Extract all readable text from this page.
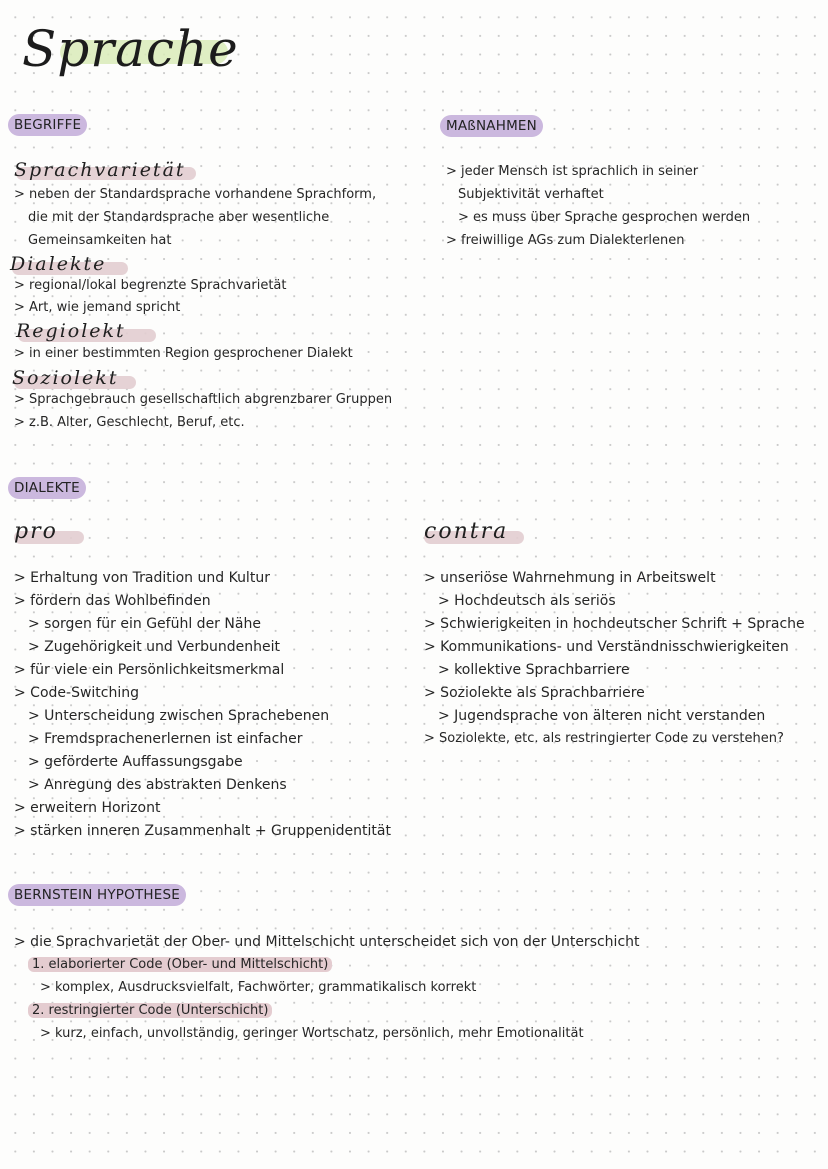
Sprache
BEGRIFFE
Sprachvarietät
> neben der Standardsprache vorhandene Sprachform,
die mit der Standardsprache aber wesentliche
Gemeinsamkeiten hat
Dialekte
> regional/lokal begrenzte Sprachvarietät
> Art, wie jemand spricht
Regiolekt
> in einer bestimmten Region gesprochener Dialekt
Soziolekt
> Sprachgebrauch gesellschaftlich abgrenzbarer Gruppen
> z.B. Alter, Geschlecht, Beruf, etc.
MAßNAHMEN
> jeder Mensch ist sprachlich in seiner
Subjektivität verhaftet
> es muss über Sprache gesprochen werden
> freiwillige AGs zum Dialekterlenen
DIALEKTE
pro
> Erhaltung von Tradition und Kultur
> fördern das Wohlbefinden
> sorgen für ein Gefühl der Nähe
> Zugehörigkeit und Verbundenheit
> für viele ein Persönlichkeitsmerkmal
> Code-Switching
> Unterscheidung zwischen Sprachebenen
> Fremdsprachenerlernen ist einfacher
> geförderte Auffassungsgabe
> Anregung des abstrakten Denkens
> erweitern Horizont
> stärken inneren Zusammenhalt + Gruppenidentität
contra
> unseriöse Wahrnehmung in Arbeitswelt
> Hochdeutsch als seriös
> Schwierigkeiten in hochdeutscher Schrift + Sprache
> Kommunikations- und Verständnisschwierigkeiten
> kollektive Sprachbarriere
> Soziolekte als Sprachbarriere
> Jugendsprache von älteren nicht verstanden
> Soziolekte, etc. als restringierter Code zu verstehen?
BERNSTEIN HYPOTHESE
> die Sprachvarietät der Ober- und Mittelschicht unterscheidet sich von der Unterschicht
1. elaborierter Code (Ober- und Mittelschicht)
> komplex, Ausdrucksvielfalt, Fachwörter, grammatikalisch korrekt
2. restringierter Code (Unterschicht)
> kurz, einfach, unvollständig, geringer Wortschatz, persönlich, mehr Emotionalität
